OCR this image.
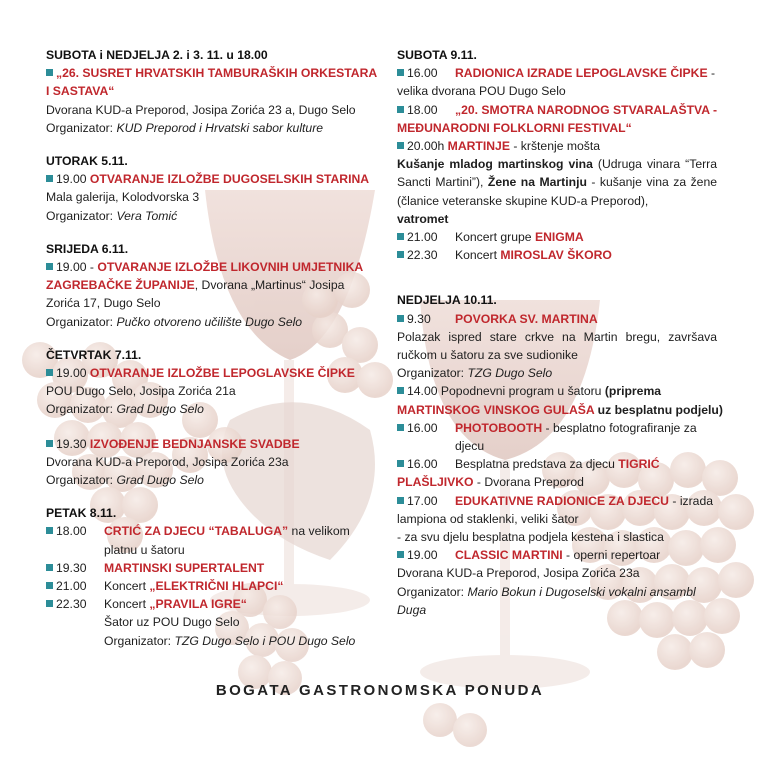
SUBOTA i NEDJELJA 2. i 3. 11. u 18.00
„26. SUSRET HRVATSKIH TAMBURAŠKIH ORKESTARA
I SASTAVA“
Dvorana KUD-a Preporod, Josipa Zorića 23 a, Dugo Selo
Organizator: KUD Preporod i Hrvatski sabor kulture
UTORAK 5.11.
19.00 OTVARANJE IZLOŽBE DUGOSELSKIH STARINA
Mala galerija, Kolodvorska 3
Organizator: Vera Tomić
SRIJEDA 6.11.
19.00 - OTVARANJE IZLOŽBE LIKOVNIH UMJETNIKA
ZAGREBAČKE ŽUPANIJE, Dvorana „Martinus“ Josipa
Zorića 17, Dugo Selo
Organizator: Pučko otvoreno učilište Dugo Selo
ČETVRTAK 7.11.
19.00 OTVARANJE IZLOŽBE LEPOGLAVSKE ČIPKE
POU Dugo Selo, Josipa Zorića 21a
Organizator: Grad Dugo Selo
19.30 IZVOĐENJE BEDNJANSKE SVADBE
Dvorana KUD-a Preporod, Josipa Zorića 23a
Organizator: Grad Dugo Selo
PETAK 8.11.
18.00 CRTIĆ ZA DJECU “TABALUGA” na velikom
platnu u šatoru
19.30 MARTINSKI SUPERTALENT
21.00 Koncert „ELEKTRIČNI HLAPCI“
22.30 Koncert „PRAVILA IGRE“
Šator uz POU Dugo Selo
Organizator: TZG Dugo Selo i POU Dugo Selo
SUBOTA 9.11.
16.00 RADIONICA IZRADE LEPOGLAVSKE ČIPKE -
velika dvorana POU Dugo Selo
18.00 „20. SMOTRA NARODNOG STVARALAŠTVA -
MEĐUNARODNI FOLKLORNI FESTIVAL“
20.00h MARTINJE - krštenje mošta
Kušanje mladog martinskog vina (Udruga vinara “Terra Sancti Martini”), Žene na Martinju - kušanje vina za žene (članice veteranske skupine KUD-a Preporod),
vatromet
21.00 Koncert grupe ENIGMA
22.30 Koncert MIROSLAV ŠKORO
NEDJELJA 10.11.
9.30 POVORKA SV. MARTINA
Polazak ispred stare crkve na Martin bregu, završava ručkom u šatoru za sve sudionike
Organizator: TZG Dugo Selo
14.00 Popodnevni program u šatoru (priprema
MARTINSKOG VINSKOG GULAŠA uz besplatnu podjelu)
16.00 PHOTOBOOTH - besplatno fotografiranje za
djecu
16.00 Besplatna predstava za djecu TIGRIĆ
PLAŠLJIVKO - Dvorana Preporod
17.00 EDUKATIVNE RADIONICE ZA DJECU - izrada
lampiona od staklenki, veliki šator
- za svu djelu besplatna podjela kestena i slastica
19.00 CLASSIC MARTINI - operni repertoar
Dvorana KUD-a Preporod, Josipa Zorića 23a
Organizator: Mario Bokun i Dugoselski vokalni ansambl Duga
BOGATA GASTRONOMSKA PONUDA
